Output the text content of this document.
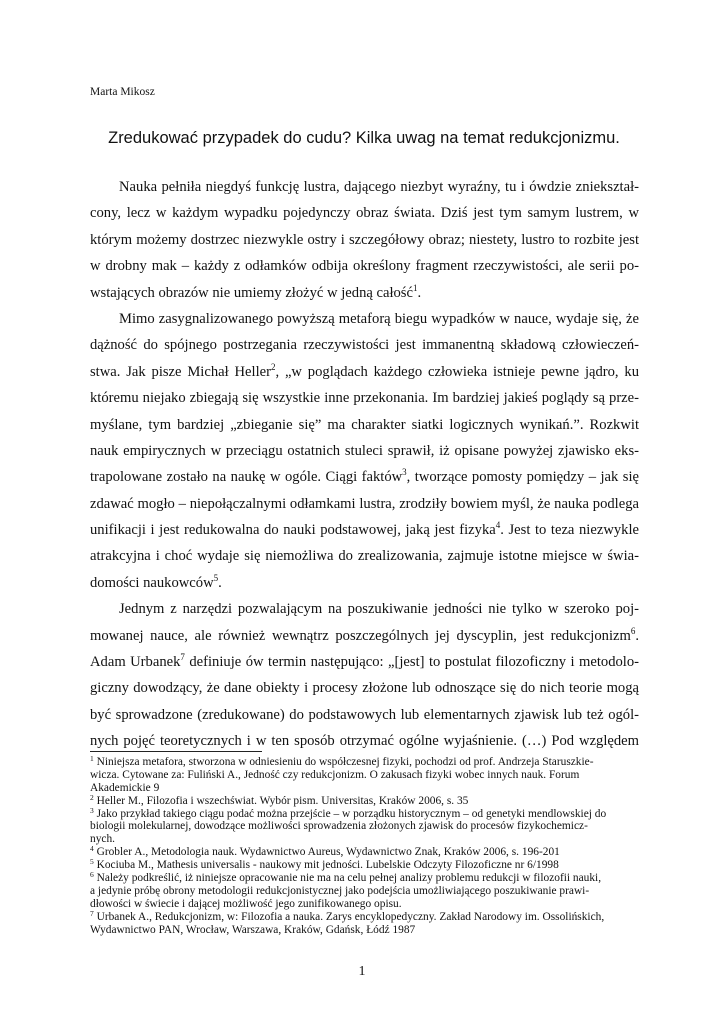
Marta Mikosz
Zredukować przypadek do cudu? Kilka uwag na temat redukcjonizmu.
Nauka pełniła niegdyś funkcję lustra, dającego niezbyt wyraźny, tu i ówdzie zniekształ-
cony, lecz w każdym wypadku pojedynczy obraz świata. Dziś jest tym samym lustrem, w
którym możemy dostrzec niezwykle ostry i szczegółowy obraz; niestety, lustro to rozbite jest
w drobny mak – każdy z odłamków odbija określony fragment rzeczywistości, ale serii po-
wstających obrazów nie umiemy złożyć w jedną całość$^1$.
Mimo zasygnalizowanego powyższą metaforą biegu wypadków w nauce, wydaje się, że
dążność do spójnego postrzegania rzeczywistości jest immanentną składową człowieczeń-
stwa. Jak pisze Michał Heller$^2$, „w poglądach każdego człowieka istnieje pewne jądro, ku
któremu niejako zbiegają się wszystkie inne przekonania. Im bardziej jakieś poglądy są prze-
myślane, tym bardziej „zbieganie się” ma charakter siatki logicznych wynikań.”. Rozkwit
nauk empirycznych w przeciągu ostatnich stuleci sprawił, iż opisane powyżej zjawisko eks-
trapolowane zostało na naukę w ogóle. Ciągi faktów$^3$, tworzące pomosty pomiędzy – jak się
zdawać mogło – niepołączalnymi odłamkami lustra, zrodziły bowiem myśl, że nauka podlega
unifikacji i jest redukowalna do nauki podstawowej, jaką jest fizyka$^4$. Jest to teza niezwykle
atrakcyjna i choć wydaje się niemożliwa do zrealizowania, zajmuje istotne miejsce w świa-
domości naukowców$^5$.
Jednym z narzędzi pozwalającym na poszukiwanie jedności nie tylko w szeroko poj-
mowanej nauce, ale również wewnątrz poszczególnych jej dyscyplin, jest redukcjonizm$^6$.
Adam Urbanek$^7$ definiuje ów termin następująco: „[jest] to postulat filozoficzny i metodolo-
giczny dowodzący, że dane obiekty i procesy złożone lub odnoszące się do nich teorie mogą
być sprowadzone (zredukowane) do podstawowych lub elementarnych zjawisk lub też ogól-
nych pojęć teoretycznych i w ten sposób otrzymać ogólne wyjaśnienie. (…) Pod względem
$^1$ Niniejsza metafora, stworzona w odniesieniu do współczesnej fizyki, pochodzi od prof. Andrzeja Staruszkie-
wicza. Cytowane za: Fuliński A., Jedność czy redukcjonizm. O zakusach fizyki wobec innych nauk. Forum
Akademickie 9
$^2$ Heller M., Filozofia i wszechświat. Wybór pism. Universitas, Kraków 2006, s. 35
$^3$ Jako przykład takiego ciągu podać można przejście – w porządku historycznym – od genetyki mendlowskiej do
biologii molekularnej, dowodzące możliwości sprowadzenia złożonych zjawisk do procesów fizykochemicz-
nych.
$^4$ Grobler A., Metodologia nauk. Wydawnictwo Aureus, Wydawnictwo Znak, Kraków 2006, s. 196-201
$^5$ Kociuba M., Mathesis universalis - naukowy mit jedności. Lubelskie Odczyty Filozoficzne nr 6/1998
$^6$ Należy podkreślić, iż niniejsze opracowanie nie ma na celu pełnej analizy problemu redukcji w filozofii nauki,
a jedynie próbę obrony metodologii redukcjonistycznej jako podejścia umożliwiającego poszukiwanie prawi-
dłowości w świecie i dającej możliwość jego zunifikowanego opisu.
$^7$ Urbanek A., Redukcjonizm, w: Filozofia a nauka. Zarys encyklopedyczny. Zakład Narodowy im. Ossolińskich,
Wydawnictwo PAN, Wrocław, Warszawa, Kraków, Gdańsk, Łódź 1987
1
